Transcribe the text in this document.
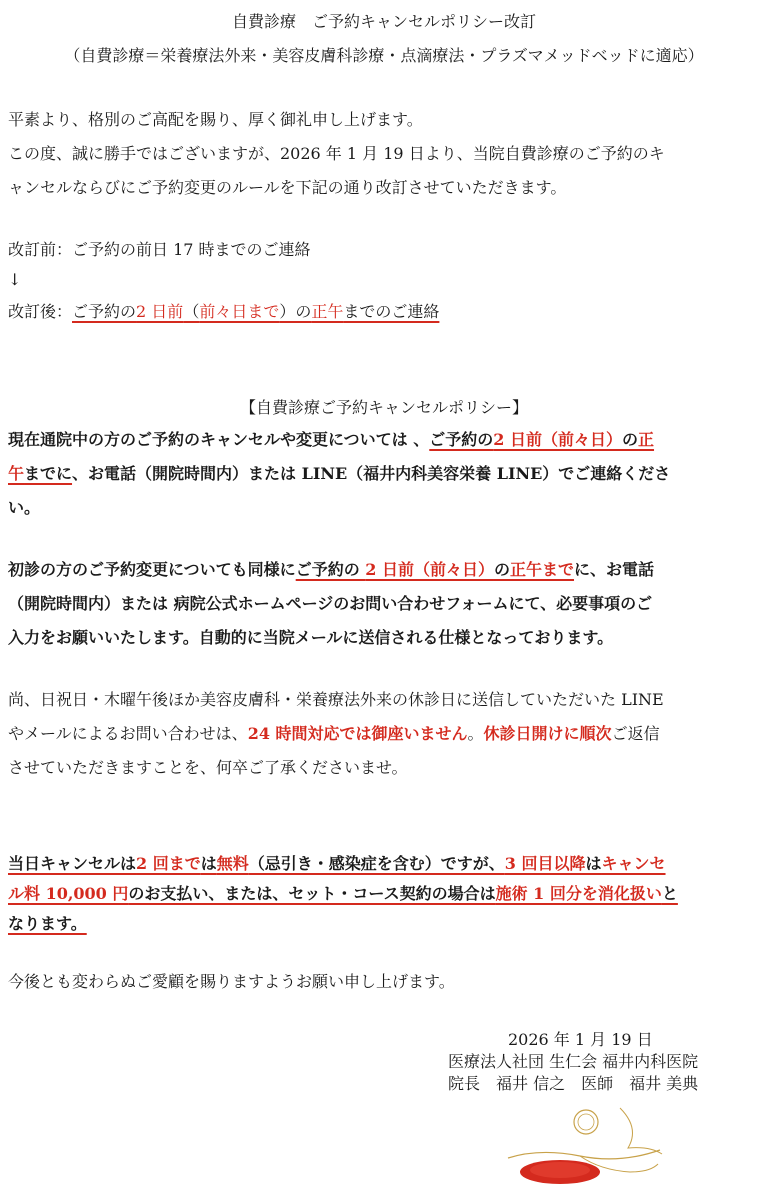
自費診療　ご予約キャンセルポリシー改訂
（自費診療＝栄養療法外来・美容皮膚科診療・点滴療法・プラズマメッドベッドに適応）
平素より、格別のご高配を賜り、厚く御礼申し上げます。
この度、誠に勝手ではございますが、2026 年 1 月 19 日より、当院自費診療のご予約のキ
ャンセルならびにご予約変更のルールを下記の通り改訂させていただきます。
改訂前：ご予約の前日 17 時までのご連絡
↓
改訂後：ご予約の2 日前（前々日まで）の正午までのご連絡
【自費診療ご予約キャンセルポリシー】
現在通院中の方のご予約のキャンセルや変更については 、ご予約の2 日前（前々日）の正
午までに、お電話（開院時間内）または LINE（福井内科美容栄養 LINE）でご連絡くださ
い。
初診の方のご予約変更についても同様にご予約の 2 日前（前々日）の正午までに、お電話
（開院時間内）または 病院公式ホームページのお問い合わせフォームにて、必要事項のご
入力をお願いいたします。自動的に当院メールに送信される仕様となっております。
尚、日祝日・木曜午後ほか美容皮膚科・栄養療法外来の休診日に送信していただいた LINE
やメールによるお問い合わせは、24 時間対応では御座いません。休診日開けに順次ご返信
させていただきますことを、何卒ご了承くださいませ。
当日キャンセルは2 回までは無料（忌引き・感染症を含む）ですが、3 回目以降はキャンセ
ル料 10,000 円のお支払い、または、セット・コース契約の場合は施術 1 回分を消化扱いと
なります。
今後とも変わらぬご愛顧を賜りますようお願い申し上げます。
2026 年 1 月 19 日
医療法人社団 生仁会 福井内科医院
院長　福井 信之　医師　福井 美典
